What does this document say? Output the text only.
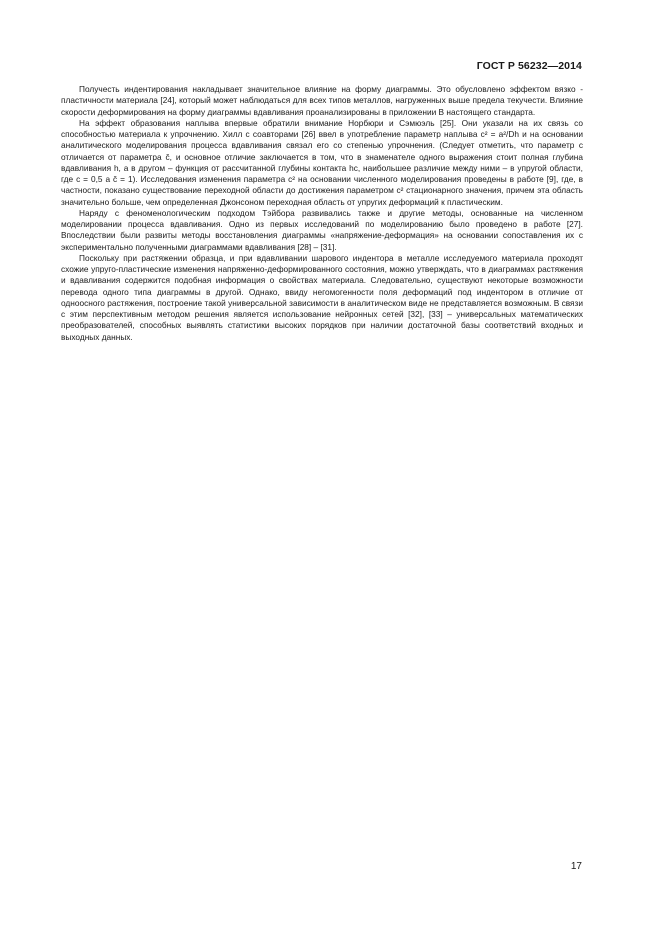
ГОСТ Р 56232—2014

Получесть индентирования накладывает значительное влияние на форму диаграммы. Это обусловлено эффектом вязко - пластичности материала [24], который может наблюдаться для всех типов металлов, нагруженных выше предела текучести. Влияние скорости деформирования на форму диаграммы вдавливания проанализированы в приложении В настоящего стандарта.

На эффект образования наплыва впервые обратили внимание Норбюри и Сэмюэль [25]. Они указали на их связь со способностью материала к упрочнению. Хилл с соавторами [26] ввел в употребление параметр наплыва c² = a²/Dh и на основании аналитического моделирования процесса вдавливания связал его со степенью упрочнения. (Следует отметить, что параметр c отличается от параметра č, и основное отличие заключается в том, что в знаменателе одного выражения стоит полная глубина вдавливания h, а в другом – функция от рассчитанной глубины контакта hc, наибольшее различие между ними – в упругой области, где c = 0,5 а č = 1). Исследования изменения параметра c² на основании численного моделирования проведены в работе [9], где, в частности, показано существование переходной области до достижения параметром c² стационарного значения, причем эта область значительно больше, чем определенная Джонсоном переходная область от упругих деформаций к пластическим.

Наряду с феноменологическим подходом Тэйбора развивались также и другие методы, основанные на численном моделировании процесса вдавливания. Одно из первых исследований по моделированию было проведено в работе [27]. Впоследствии были развиты методы восстановления диаграммы «напряжение-деформация» на основании сопоставления их с экспериментально полученными диаграммами вдавливания [28] – [31].

Поскольку при растяжении образца, и при вдавливании шарового индентора в металле исследуемого материала проходят схожие упруго-пластические изменения напряженно-деформированного состояния, можно утверждать, что в диаграммах растяжения и вдавливания содержится подобная информация о свойствах материала. Следовательно, существуют некоторые возможности перевода одного типа диаграммы в другой. Однако, ввиду негомогенности поля деформаций под индентором в отличие от одноосного растяжения, построение такой универсальной зависимости в аналитическом виде не представляется возможным. В связи с этим перспективным методом решения является использование нейронных сетей [32], [33] – универсальных математических преобразователей, способных выявлять статистики высоких порядков при наличии достаточной базы соответствий входных и выходных данных.

17
